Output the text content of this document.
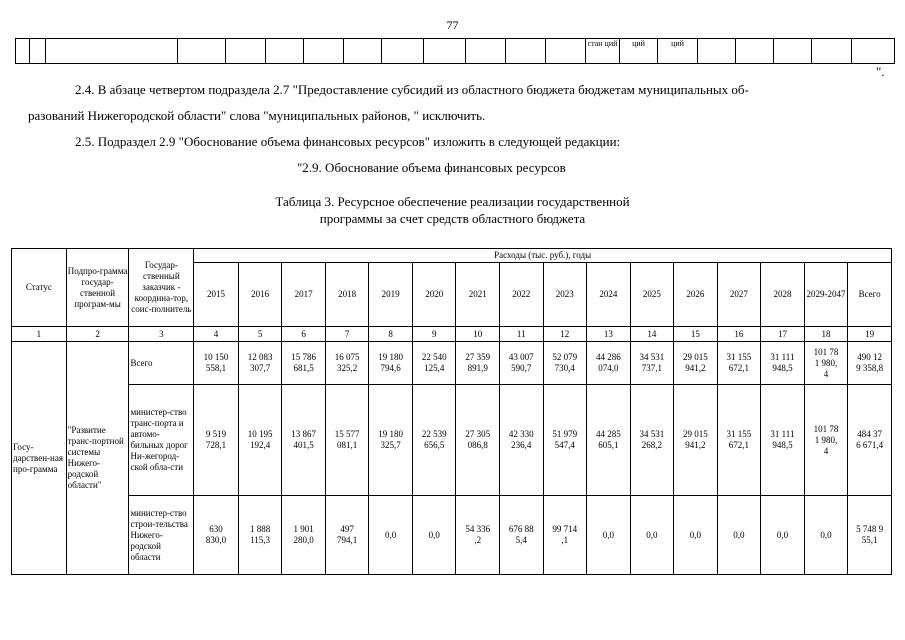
77
													стан ций	ций	ций					
".
2.4. В абзаце четвертом подраздела 2.7 "Предоставление субсидий из областного бюджета бюджетам муниципальных об-
разований Нижегородской области" слова "муниципальных районов, " исключить.
2.5. Подраздел 2.9 "Обоснование объема финансовых ресурсов" изложить в следующей редакции:
"2.9. Обоснование объема финансовых ресурсов
Таблица 3. Ресурсное обеспечение реализации государственной
программы за счет средств областного бюджета
Статус	Подпро-грамма государ-ственной програм-мы	Государ-ственный заказчик - координа-тор, соис-полнитель	Расходы (тыс. руб.), годы															
			2015	2016	2017	2018	2019	2020	2021	2022	2023	2024	2025	2026	2027	2028	2029-2047	Всего
1	2	3	4	5	6	7	8	9	10	11	12	13	14	15	16	17	18	19
Госу-дарствен-ная про-грамма	"Развитие транс-портной системы Нижего-родской области"	Всего	10 150
558,1	12 083
307,7	15 786
681,5	16 075
325,2	19 180
794,6	22 540
125,4	27 359
891,9	43 007
590,7	52 079
730,4	44 286
074,0	34 531
737,1	29 015
941,2	31 155
672,1	31 111
948,5	101 78
1 980,
4	490 12
9 358,8

		министер-ство транс-порта и автомо-бильных дорог Ни-жегород-ской обла-сти	9 519
728,1	10 195
192,4	13 867
401,5	15 577
081,1	19 180
325,7	22 539
656,5	27 305
086,8	42 330
236,4	51 979
547,4	44 285
605,1	34 531
268,2	29 015
941,2	31 155
672,1	31 111
948,5	101 78
1 980,
4	484 37
6 671,4

		министер-ство строи-тельства Нижего-родской области	630
830,0	1 888
115,3	1 901
280,0	497
794,1	0,0	0,0	54 336
,2	676 88
5,4	99 714
,1	0,0	0,0	0,0	0,0	0,0	0,0	5 748 9
55,1
